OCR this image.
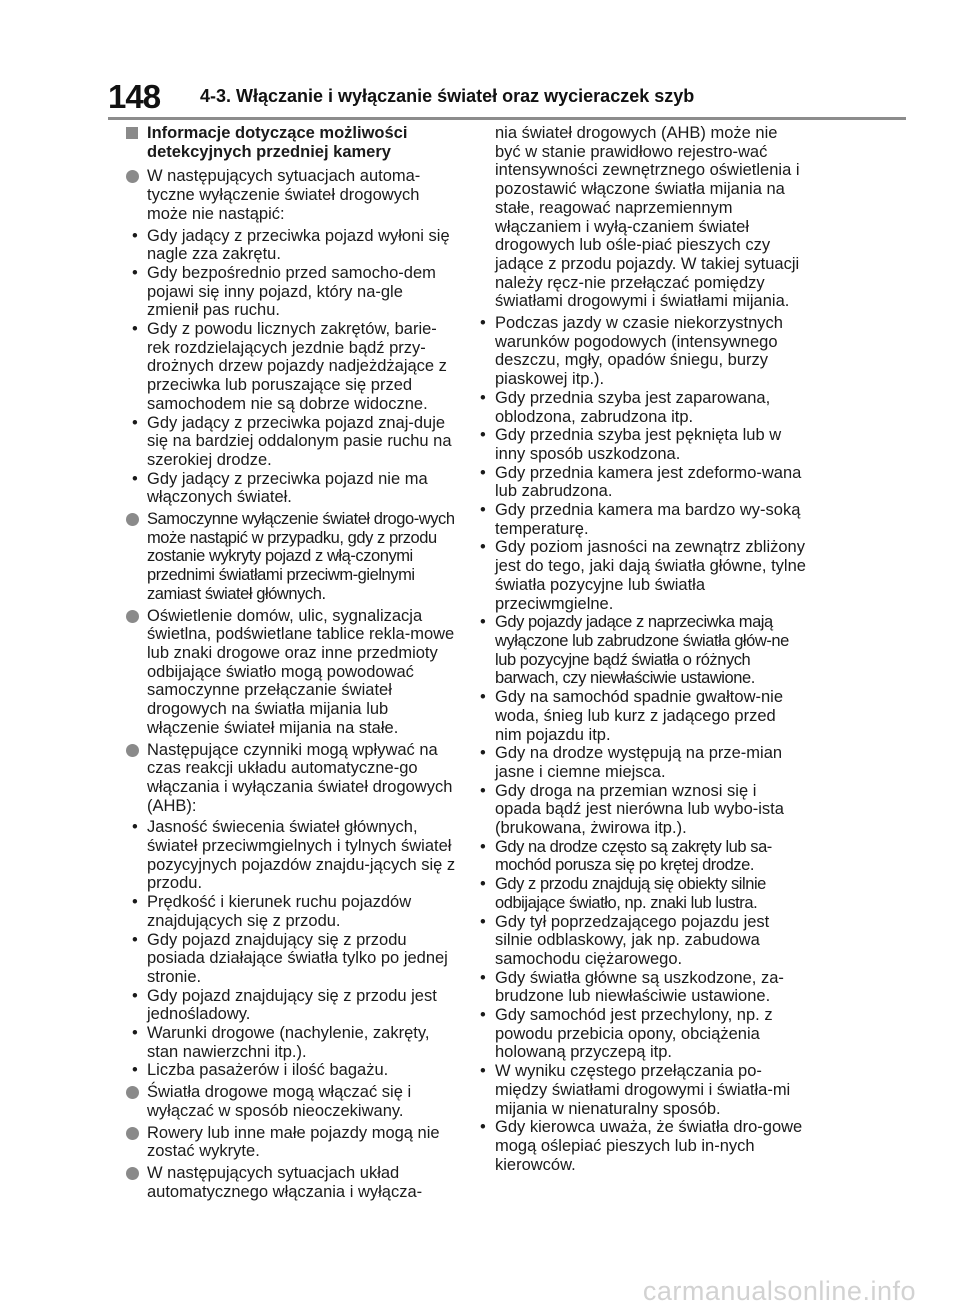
148 4-3. Włączanie i wyłączanie świateł oraz wycieraczek szyb
Informacje dotyczące możliwości detekcyjnych przedniej kamery
W następujących sytuacjach automa-tyczne wyłączenie świateł drogowych może nie nastąpić:
• Gdy jadący z przeciwka pojazd wyłoni się nagle zza zakrętu.
• Gdy bezpośrednio przed samocho-dem pojawi się inny pojazd, który na-gle zmienił pas ruchu.
• Gdy z powodu licznych zakrętów, barie-rek rozdzielających jezdnie bądź przy-drożnych drzew pojazdy nadjeżdżające z przeciwka lub poruszające się przed samochodem nie są dobrze widoczne.
• Gdy jadący z przeciwka pojazd znaj-duje się na bardziej oddalonym pasie ruchu na szerokiej drodze.
• Gdy jadący z przeciwka pojazd nie ma włączonych świateł.
Samoczynne wyłączenie świateł drogo-wych może nastąpić w przypadku, gdy z przodu zostanie wykryty pojazd z włą-czonymi przednimi światłami przeciwm-gielnymi zamiast świateł głównych.
Oświetlenie domów, ulic, sygnalizacja świetlna, podświetlane tablice rekla-mowe lub znaki drogowe oraz inne przedmioty odbijające światło mogą powodować samoczynne przełączanie świateł drogowych na światła mijania lub włączenie świateł mijania na stałe.
Następujące czynniki mogą wpływać na czas reakcji układu automatyczne-go włączania i wyłączania świateł drogowych (AHB):
• Jasność świecenia świateł głównych, świateł przeciwmgielnych i tylnych świateł pozycyjnych pojazdów znajdu-jących się z przodu.
• Prędkość i kierunek ruchu pojazdów znajdujących się z przodu.
• Gdy pojazd znajdujący się z przodu posiada działające światła tylko po jednej stronie.
• Gdy pojazd znajdujący się z przodu jest jednośladowy.
• Warunki drogowe (nachylenie, zakręty, stan nawierzchni itp.).
• Liczba pasażerów i ilość bagażu.
Światła drogowe mogą włączać się i wyłączać w sposób nieoczekiwany.
Rowery lub inne małe pojazdy mogą nie zostać wykryte.
W następujących sytuacjach układ automatycznego włączania i wyłącza-
nia świateł drogowych (AHB) może nie być w stanie prawidłowo rejestro-wać intensywności zewnętrznego oświetlenia i pozostawić włączone światła mijania na stałe, reagować naprzemiennym włączaniem i wyłą-czaniem świateł drogowych lub ośle-piać pieszych czy jadące z przodu pojazdy. W takiej sytuacji należy ręcz-nie przełączać pomiędzy światłami drogowymi i światłami mijania.
• Podczas jazdy w czasie niekorzystnych warunków pogodowych (intensywnego deszczu, mgły, opadów śniegu, burzy piaskowej itp.).
• Gdy przednia szyba jest zaparowana, oblodzona, zabrudzona itp.
• Gdy przednia szyba jest pęknięta lub w inny sposób uszkodzona.
• Gdy przednia kamera jest zdeformo-wana lub zabrudzona.
• Gdy przednia kamera ma bardzo wy-soką temperaturę.
• Gdy poziom jasności na zewnątrz zbliżony jest do tego, jaki dają światła główne, tylne światła pozycyjne lub światła przeciwmgielne.
• Gdy pojazdy jadące z naprzeciwka mają wyłączone lub zabrudzone światła głów-ne lub pozycyjne bądź światła o różnych barwach, czy niewłaściwie ustawione.
• Gdy na samochód spadnie gwałtow-nie woda, śnieg lub kurz z jadącego przed nim pojazdu itp.
• Gdy na drodze występują na prze-mian jasne i ciemne miejsca.
• Gdy droga na przemian wznosi się i opada bądź jest nierówna lub wybo-ista (brukowana, żwirowa itp.).
• Gdy na drodze często są zakręty lub sa-mochód porusza się po krętej drodze.
• Gdy z przodu znajdują się obiekty silnie odbijające światło, np. znaki lub lustra.
• Gdy tył poprzedzającego pojazdu jest silnie odblaskowy, jak np. zabudowa samochodu ciężarowego.
• Gdy światła główne są uszkodzone, za-brudzone lub niewłaściwie ustawione.
• Gdy samochód jest przechylony, np. z powodu przebicia opony, obciążenia holowaną przyczepą itp.
• W wyniku częstego przełączania po-między światłami drogowymi i światła-mi mijania w nienaturalny sposób.
• Gdy kierowca uważa, że światła dro-gowe mogą oślepiać pieszych lub in-nych kierowców.
carmanualsonline.info
